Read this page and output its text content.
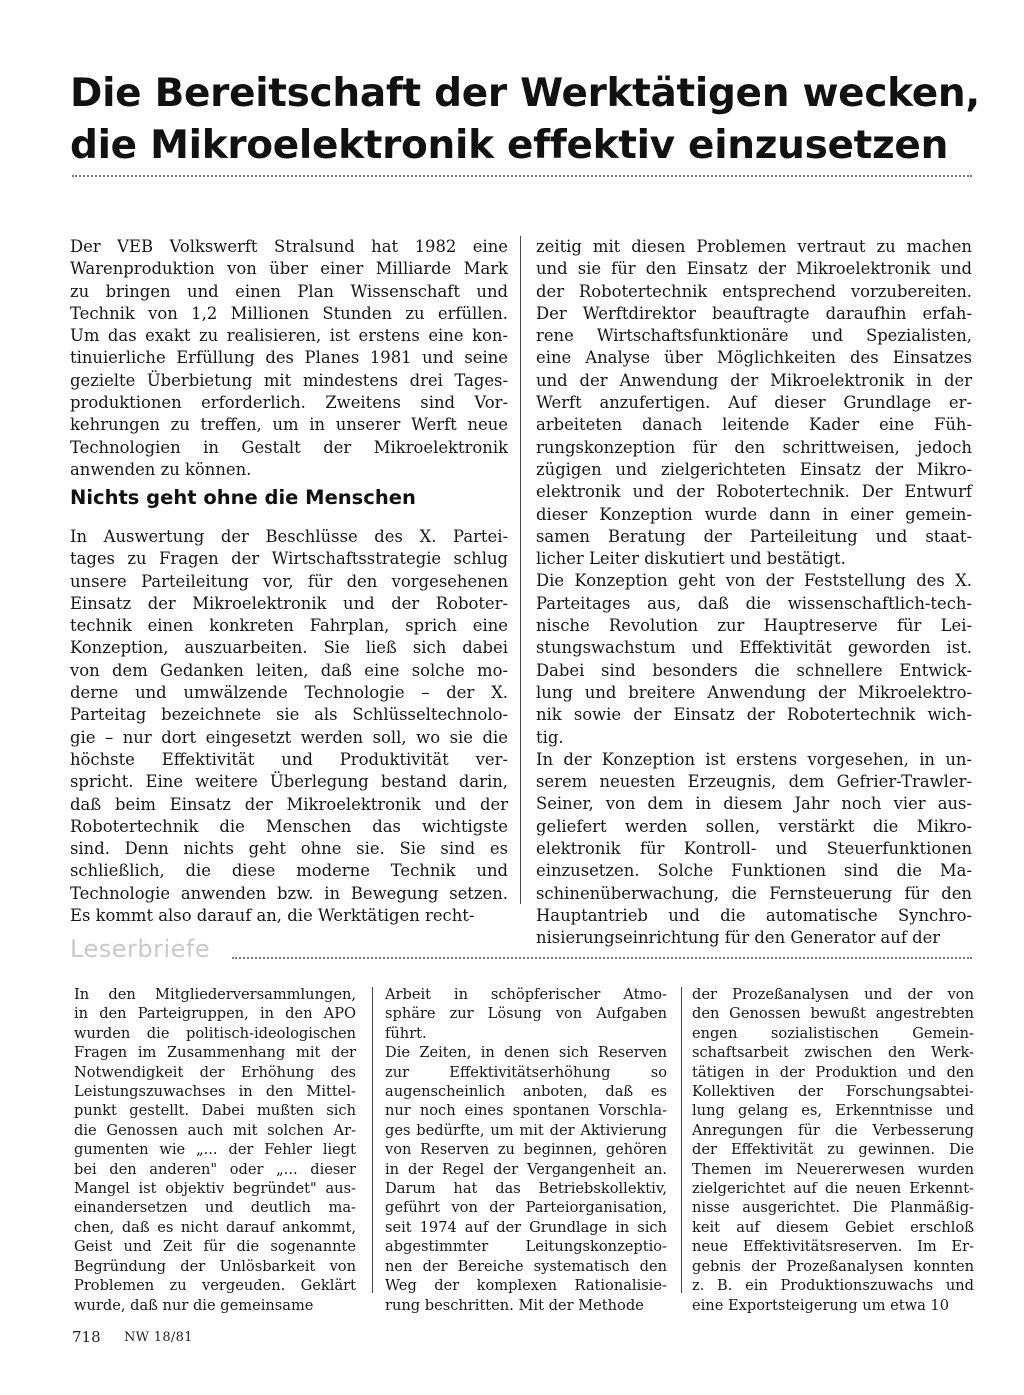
Die Bereitschaft der Werktätigen wecken,
die Mikroelektronik effektiv einzusetzen
Der VEB Volkswerft Stralsund hat 1982 eine
Warenproduktion von über einer Milliarde Mark
zu bringen und einen Plan Wissenschaft und
Technik von 1,2 Millionen Stunden zu erfüllen.
Um das exakt zu realisieren, ist erstens eine kon-
tinuierliche Erfüllung des Planes 1981 und seine
gezielte Überbietung mit mindestens drei Tages-
produktionen erforderlich. Zweitens sind Vor-
kehrungen zu treffen, um in unserer Werft neue
Technologien in Gestalt der Mikroelektronik
anwenden zu können.
Nichts geht ohne die Menschen
In Auswertung der Beschlüsse des X. Partei-
tages zu Fragen der Wirtschaftsstrategie schlug
unsere Parteileitung vor, für den vorgesehenen
Einsatz der Mikroelektronik und der Roboter-
technik einen konkreten Fahrplan, sprich eine
Konzeption, auszuarbeiten. Sie ließ sich dabei
von dem Gedanken leiten, daß eine solche mo-
derne und umwälzende Technologie – der X.
Parteitag bezeichnete sie als Schlüsseltechnolo-
gie – nur dort eingesetzt werden soll, wo sie die
höchste Effektivität und Produktivität ver-
spricht. Eine weitere Überlegung bestand darin,
daß beim Einsatz der Mikroelektronik und der
Robotertechnik die Menschen das wichtigste
sind. Denn nichts geht ohne sie. Sie sind es
schließlich, die diese moderne Technik und
Technologie anwenden bzw. in Bewegung setzen.
Es kommt also darauf an, die Werktätigen recht-
zeitig mit diesen Problemen vertraut zu machen
und sie für den Einsatz der Mikroelektronik und
der Robotertechnik entsprechend vorzubereiten.
Der Werftdirektor beauftragte daraufhin erfah-
rene Wirtschaftsfunktionäre und Spezialisten,
eine Analyse über Möglichkeiten des Einsatzes
und der Anwendung der Mikroelektronik in der
Werft anzufertigen. Auf dieser Grundlage er-
arbeiteten danach leitende Kader eine Füh-
rungskonzeption für den schrittweisen, jedoch
zügigen und zielgerichteten Einsatz der Mikro-
elektronik und der Robotertechnik. Der Entwurf
dieser Konzeption wurde dann in einer gemein-
samen Beratung der Parteileitung und staat-
licher Leiter diskutiert und bestätigt.
Die Konzeption geht von der Feststellung des X.
Parteitages aus, daß die wissenschaftlich-tech-
nische Revolution zur Hauptreserve für Lei-
stungswachstum und Effektivität geworden ist.
Dabei sind besonders die schnellere Entwick-
lung und breitere Anwendung der Mikroelektro-
nik sowie der Einsatz der Robotertechnik wich-
tig.
In der Konzeption ist erstens vorgesehen, in un-
serem neuesten Erzeugnis, dem Gefrier-Trawler-
Seiner, von dem in diesem Jahr noch vier aus-
geliefert werden sollen, verstärkt die Mikro-
elektronik für Kontroll- und Steuerfunktionen
einzusetzen. Solche Funktionen sind die Ma-
schinenüberwachung, die Fernsteuerung für den
Hauptantrieb und die automatische Synchro-
nisierungseinrichtung für den Generator auf der
Leserbriefe
In den Mitgliederversammlungen,
in den Parteigruppen, in den APO
wurden die politisch-ideologischen
Fragen im Zusammenhang mit der
Notwendigkeit der Erhöhung des
Leistungszuwachses in den Mittel-
punkt gestellt. Dabei mußten sich
die Genossen auch mit solchen Ar-
gumenten wie „... der Fehler liegt
bei den anderen" oder „... dieser
Mangel ist objektiv begründet" aus-
einandersetzen und deutlich ma-
chen, daß es nicht darauf ankommt,
Geist und Zeit für die sogenannte
Begründung der Unlösbarkeit von
Problemen zu vergeuden. Geklärt
wurde, daß nur die gemeinsame
Arbeit in schöpferischer Atmo-
sphäre zur Lösung von Aufgaben
führt.
Die Zeiten, in denen sich Reserven
zur Effektivitätserhöhung so
augenscheinlich anboten, daß es
nur noch eines spontanen Vorschla-
ges bedürfte, um mit der Aktivierung
von Reserven zu beginnen, gehören
in der Regel der Vergangenheit an.
Darum hat das Betriebskollektiv,
geführt von der Parteiorganisation,
seit 1974 auf der Grundlage in sich
abgestimmter Leitungskonzeptio-
nen der Bereiche systematisch den
Weg der komplexen Rationalisie-
rung beschritten. Mit der Methode
der Prozeßanalysen und der von
den Genossen bewußt angestrebten
engen sozialistischen Gemein-
schaftsarbeit zwischen den Werk-
tätigen in der Produktion und den
Kollektiven der Forschungsabtei-
lung gelang es, Erkenntnisse und
Anregungen für die Verbesserung
der Effektivität zu gewinnen. Die
Themen im Neuererwesen wurden
zielgerichtet auf die neuen Erkennt-
nisse ausgerichtet. Die Planmäßig-
keit auf diesem Gebiet erschloß
neue Effektivitätsreserven. Im Er-
gebnis der Prozeßanalysen konnten
z. B. ein Produktionszuwachs und
eine Exportsteigerung um etwa 10
718 NW 18/81
